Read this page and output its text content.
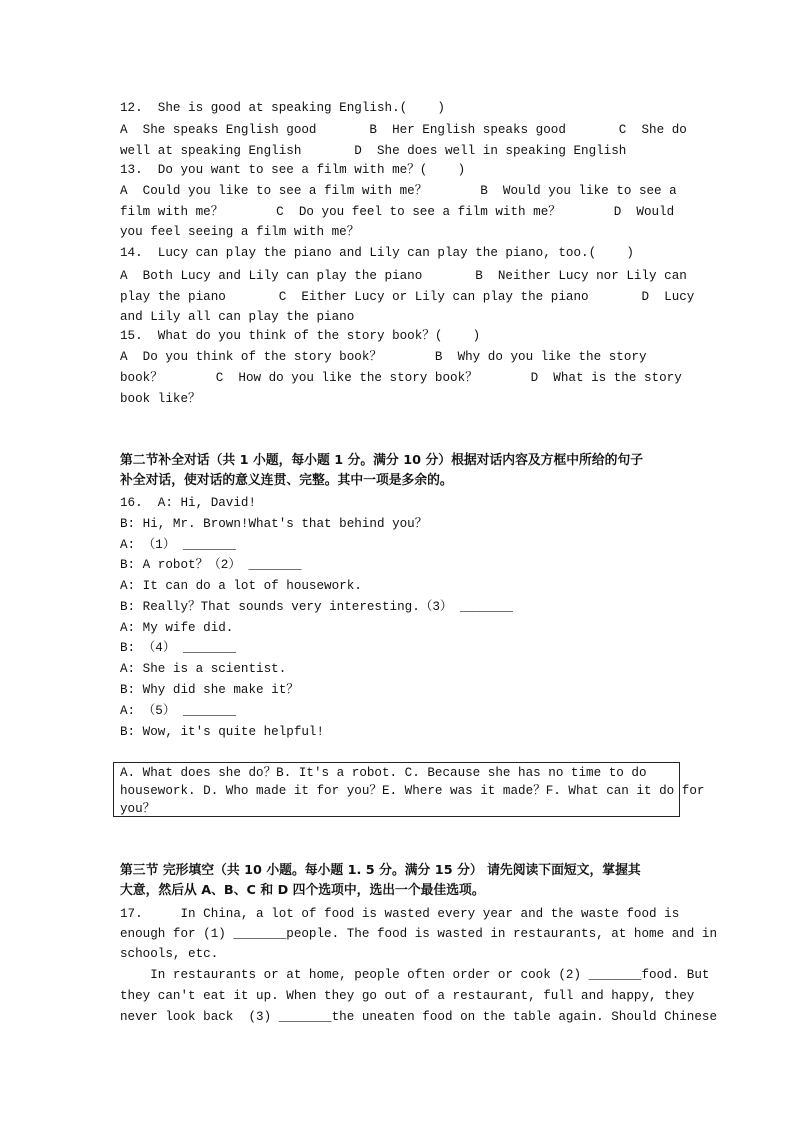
12.  She is good at speaking English.(    )
A  She speaks English good       B  Her English speaks good       C  She do
well at speaking English       D  She does well in speaking English
13.  Do you want to see a film with me？(    )
A  Could you like to see a film with me？       B  Would you like to see a
film with me？       C  Do you feel to see a film with me？       D  Would
you feel seeing a film with me？
14.  Lucy can play the piano and Lily can play the piano, too.(    )
A  Both Lucy and Lily can play the piano       B  Neither Lucy nor Lily can
play the piano       C  Either Lucy or Lily can play the piano       D  Lucy
and Lily all can play the piano
15.  What do you think of the story book？(    )
A  Do you think of the story book？       B  Why do you like the story
book？       C  How do you like the story book？       D  What is the story
book like？
第二节补全对话（共 1 小题，每小题 1 分。满分 10 分）根据对话内容及方框中所给的句子
补全对话，使对话的意义连贯、完整。其中一项是多余的。
16.  A: Hi, David!
B: Hi, Mr. Brown!What's that behind you？
A: （1） _______
B: A robot？（2） _______
A: It can do a lot of housework.
B: Really？That sounds very interesting.（3） _______
A: My wife did.
B: （4） _______
A: She is a scientist.
B: Why did she make it？
A: （5） _______
B: Wow, it's quite helpful!
A. What does she do？B. It's a robot. C. Because she has no time to do
housework. D. Who made it for you？E. Where was it made？F. What can it do for
you？
第三节 完形填空（共 10 小题。每小题 1. 5 分。满分 15 分） 请先阅读下面短文，掌握其
大意，然后从 A、B、C 和 D 四个选项中，选出一个最佳选项。
17.     In China, a lot of food is wasted every year and the waste food is
enough for (1) _______people. The food is wasted in restaurants, at home and in
schools, etc.
In restaurants or at home, people often order or cook (2) _______food. But
they can't eat it up. When they go out of a restaurant, full and happy, they
never look back  (3) _______the uneaten food on the table again. Should Chinese
